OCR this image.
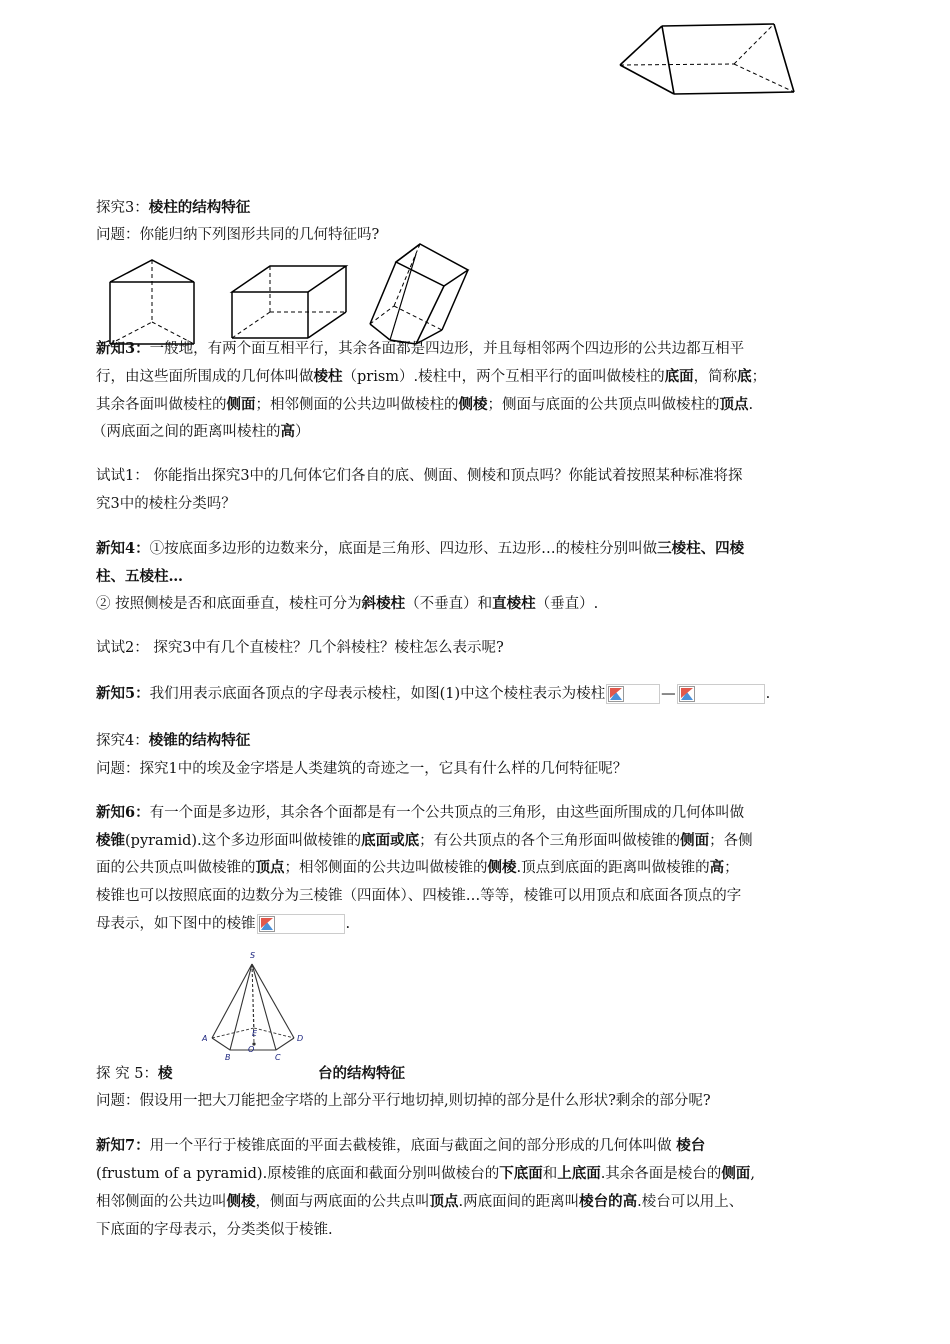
探究3：棱柱的结构特征
问题：你能归纳下列图形共同的几何特征吗?
新知3：一般地，有两个面互相平行，其余各面都是四边形，并且每相邻两个四边形的公共边都互相平
行，由这些面所围成的几何体叫做棱柱（prism）.棱柱中，两个互相平行的面叫做棱柱的底面，简称底；
其余各面叫做棱柱的侧面；相邻侧面的公共边叫做棱柱的侧棱；侧面与底面的公共顶点叫做棱柱的顶点.
（两底面之间的距离叫棱柱的高）
试试1： 你能指出探究3中的几何体它们各自的底、侧面、侧棱和顶点吗？你能试着按照某种标准将探
究3中的棱柱分类吗？
新知4：①按底面多边形的边数来分，底面是三角形、四边形、五边形…的棱柱分别叫做三棱柱、四棱
柱、五棱柱…
② 按照侧棱是否和底面垂直，棱柱可分为斜棱柱（不垂直）和直棱柱（垂直）.
试试2： 探究3中有几个直棱柱？几个斜棱柱？棱柱怎么表示呢?
新知5：我们用表示底面各顶点的字母表示棱柱，如图(1)中这个棱柱表示为棱柱	—	.
探究4：棱锥的结构特征
问题：探究1中的埃及金字塔是人类建筑的奇迹之一，它具有什么样的几何特征呢？
新知6：有一个面是多边形，其余各个面都是有一个公共顶点的三角形，由这些面所围成的几何体叫做
棱锥(pyramid).这个多边形面叫做棱锥的底面或底；有公共顶点的各个三角形面叫做棱锥的侧面；各侧
面的公共顶点叫做棱锥的顶点；相邻侧面的公共边叫做棱锥的侧棱.顶点到底面的距离叫做棱锥的高；
棱锥也可以按照底面的边数分为三棱锥（四面体）、四棱锥…等等，棱锥可以用顶点和底面各顶点的字
母表示，如下图中的棱锥	.
S
A
B	C
D
E
O
探 究 5：棱	台的结构特征
问题：假设用一把大刀能把金字塔的上部分平行地切掉,则切掉的部分是什么形状?剩余的部分呢?
新知7：用一个平行于棱锥底面的平面去截棱锥，底面与截面之间的部分形成的几何体叫做 棱台
(frustum of a pyramid).原棱锥的底面和截面分别叫做棱台的下底面和上底面.其余各面是棱台的侧面,
相邻侧面的公共边叫侧棱，侧面与两底面的公共点叫顶点.两底面间的距离叫棱台的高.棱台可以用上、
下底面的字母表示，分类类似于棱锥.
